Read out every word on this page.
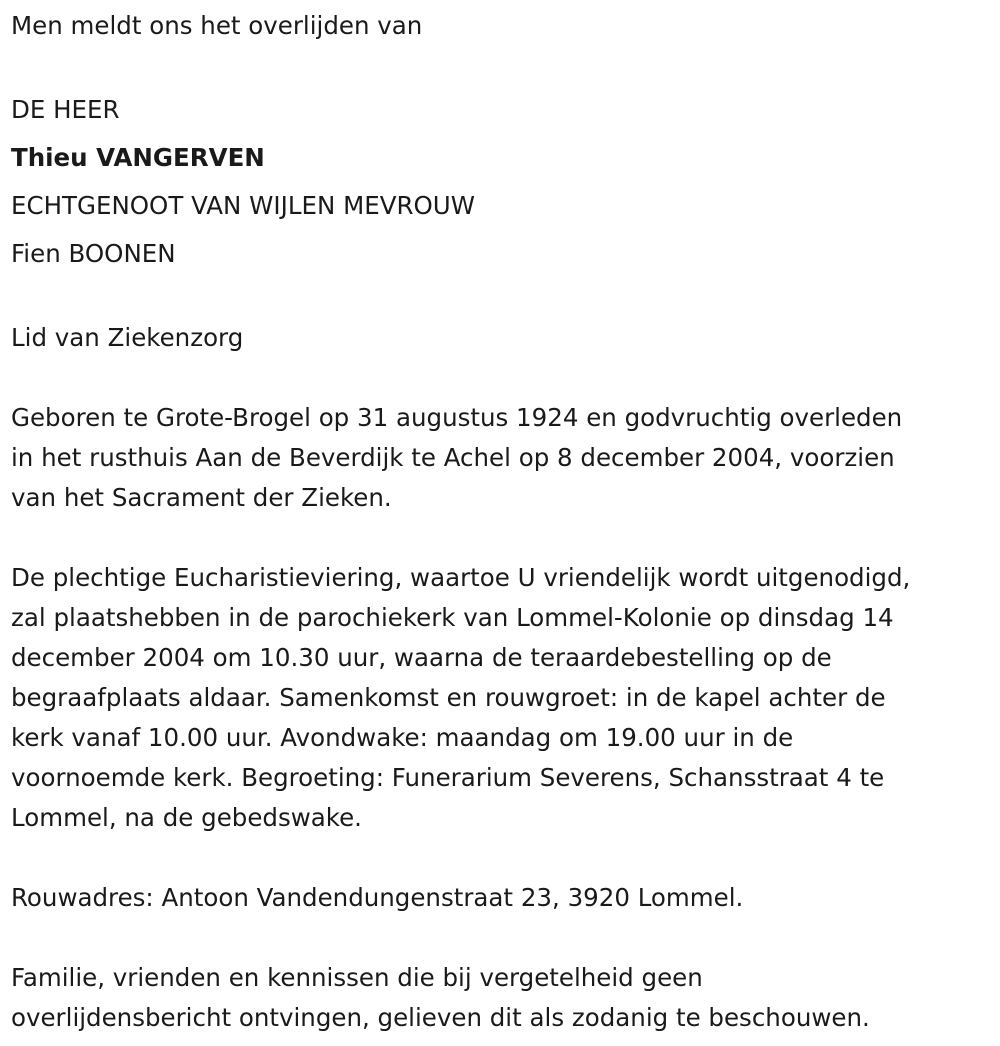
Men meldt ons het overlijden van
DE HEER
Thieu VANGERVEN
ECHTGENOOT VAN WIJLEN MEVROUW
Fien BOONEN
Lid van Ziekenzorg
Geboren te Grote-Brogel op 31 augustus 1924 en godvruchtig overleden
in het rusthuis Aan de Beverdijk te Achel op 8 december 2004, voorzien
van het Sacrament der Zieken.
De plechtige Eucharistieviering, waartoe U vriendelijk wordt uitgenodigd,
zal plaatshebben in de parochiekerk van Lommel-Kolonie op dinsdag 14
december 2004 om 10.30 uur, waarna de teraardebestelling op de
begraafplaats aldaar. Samenkomst en rouwgroet: in de kapel achter de
kerk vanaf 10.00 uur. Avondwake: maandag om 19.00 uur in de
voornoemde kerk. Begroeting: Funerarium Severens, Schansstraat 4 te
Lommel, na de gebedswake.
Rouwadres: Antoon Vandendungenstraat 23, 3920 Lommel.
Familie, vrienden en kennissen die bij vergetelheid geen
overlijdensbericht ontvingen, gelieven dit als zodanig te beschouwen.
